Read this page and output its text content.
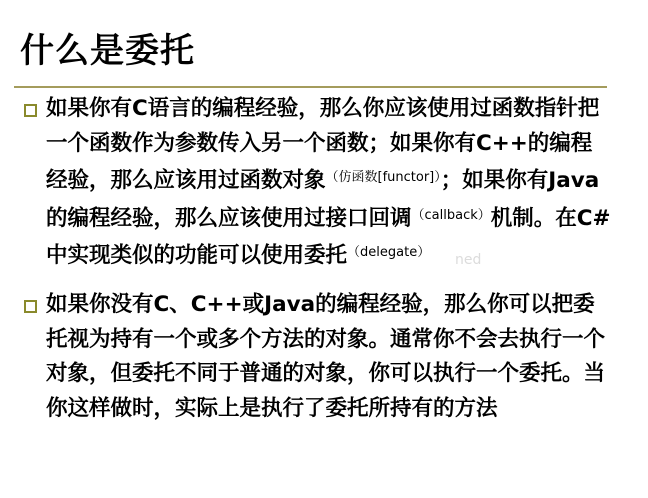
什么是委托
如果你有C语言的编程经验，那么你应该使用过函数指针把一个函数作为参数传入另一个函数；如果你有C++的编程经验，那么应该用过函数对象$^{(仿函数[functor])}$；如果你有Java的编程经验，那么应该使用过接口回调$^{(callback)}$机制。在C#中实现类似的功能可以使用委托$^{(delegate)}$	ned
如果你没有C、C++或Java的编程经验，那么你可以把委托视为持有一个或多个方法的对象。通常你不会去执行一个对象，但委托不同于普通的对象，你可以执行一个委托。当你这样做时，实际上是执行了委托所持有的方法
